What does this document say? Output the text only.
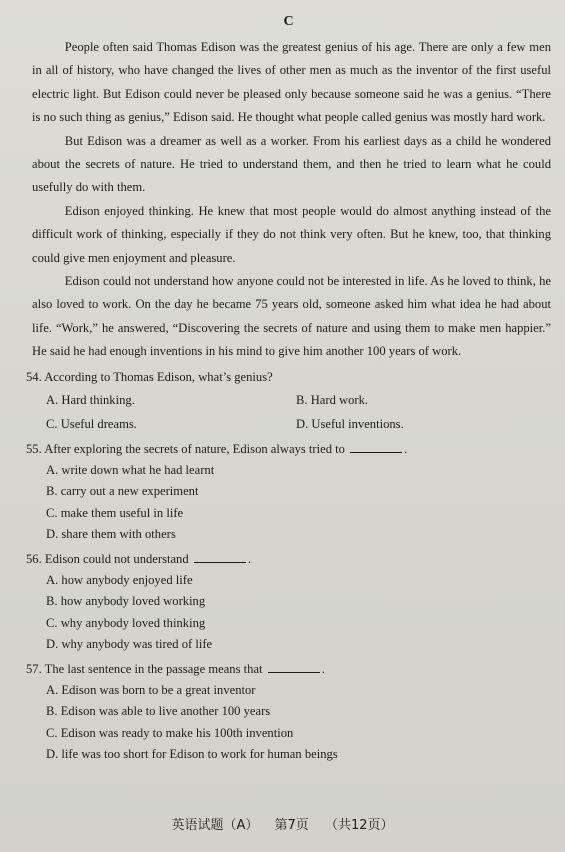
C

People often said Thomas Edison was the greatest genius of his age. There are only a few men in all of history, who have changed the lives of other men as much as the inventor of the first useful electric light. But Edison could never be pleased only because someone said he was a genius. “There is no such thing as genius,” Edison said. He thought what people called genius was mostly hard work.

But Edison was a dreamer as well as a worker. From his earliest days as a child he wondered about the secrets of nature. He tried to understand them, and then he tried to learn what he could usefully do with them.

Edison enjoyed thinking. He knew that most people would do almost anything instead of the difficult work of thinking, especially if they do not think very often. But he knew, too, that thinking could give men enjoyment and pleasure.

Edison could not understand how anyone could not be interested in life. As he loved to think, he also loved to work. On the day he became 75 years old, someone asked him what idea he had about life. “Work,” he answered, “Discovering the secrets of nature and using them to make men happier.” He said he had enough inventions in his mind to give him another 100 years of work.

54. According to Thomas Edison, what’s genius?
A. Hard thinking.	B. Hard work.
C. Useful dreams.	D. Useful inventions.
55. After exploring the secrets of nature, Edison always tried to	.
A. write down what he had learnt
B. carry out a new experiment
C. make them useful in life
D. share them with others
56. Edison could not understand	.
A. how anybody enjoyed life
B. how anybody loved working
C. why anybody loved thinking
D. why anybody was tired of life
57. The last sentence in the passage means that	.
A. Edison was born to be a great inventor
B. Edison was able to live another 100 years
C. Edison was ready to make his 100th invention
D. life was too short for Edison to work for human beings
英语试题（A） 第7页 （共12页）
